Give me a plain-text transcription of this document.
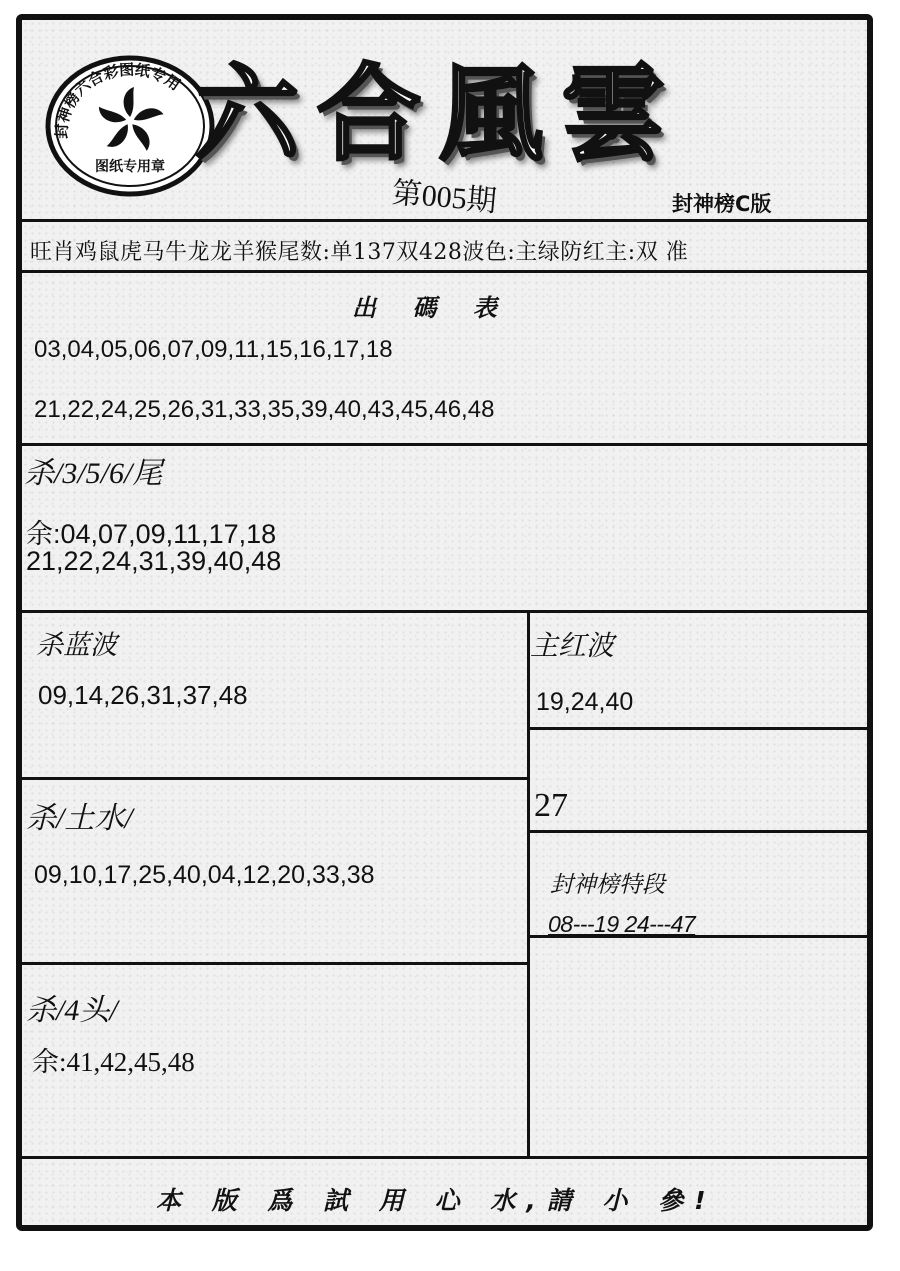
封神榜六合彩图纸专用
图纸专用章 六合風雲
第005期	封神榜C版
旺肖鸡鼠虎马牛龙龙羊猴尾数:单137双428波色:主绿防红主:双 准
出 碼 表
03,04,05,06,07,09,11,15,16,17,18
21,22,24,25,26,31,33,35,39,40,43,45,46,48
杀/3/5/6/尾
余:04,07,09,11,17,18
21,22,24,31,39,40,48
杀蓝波
09,14,26,31,37,48
主红波
19,24,40
27
杀/土水/
09,10,17,25,40,04,12,20,33,38	封神榜特段
08---19 24---47
杀/4头/
余:41,42,45,48
本 版 爲 試 用 心 水,請 小 參!
